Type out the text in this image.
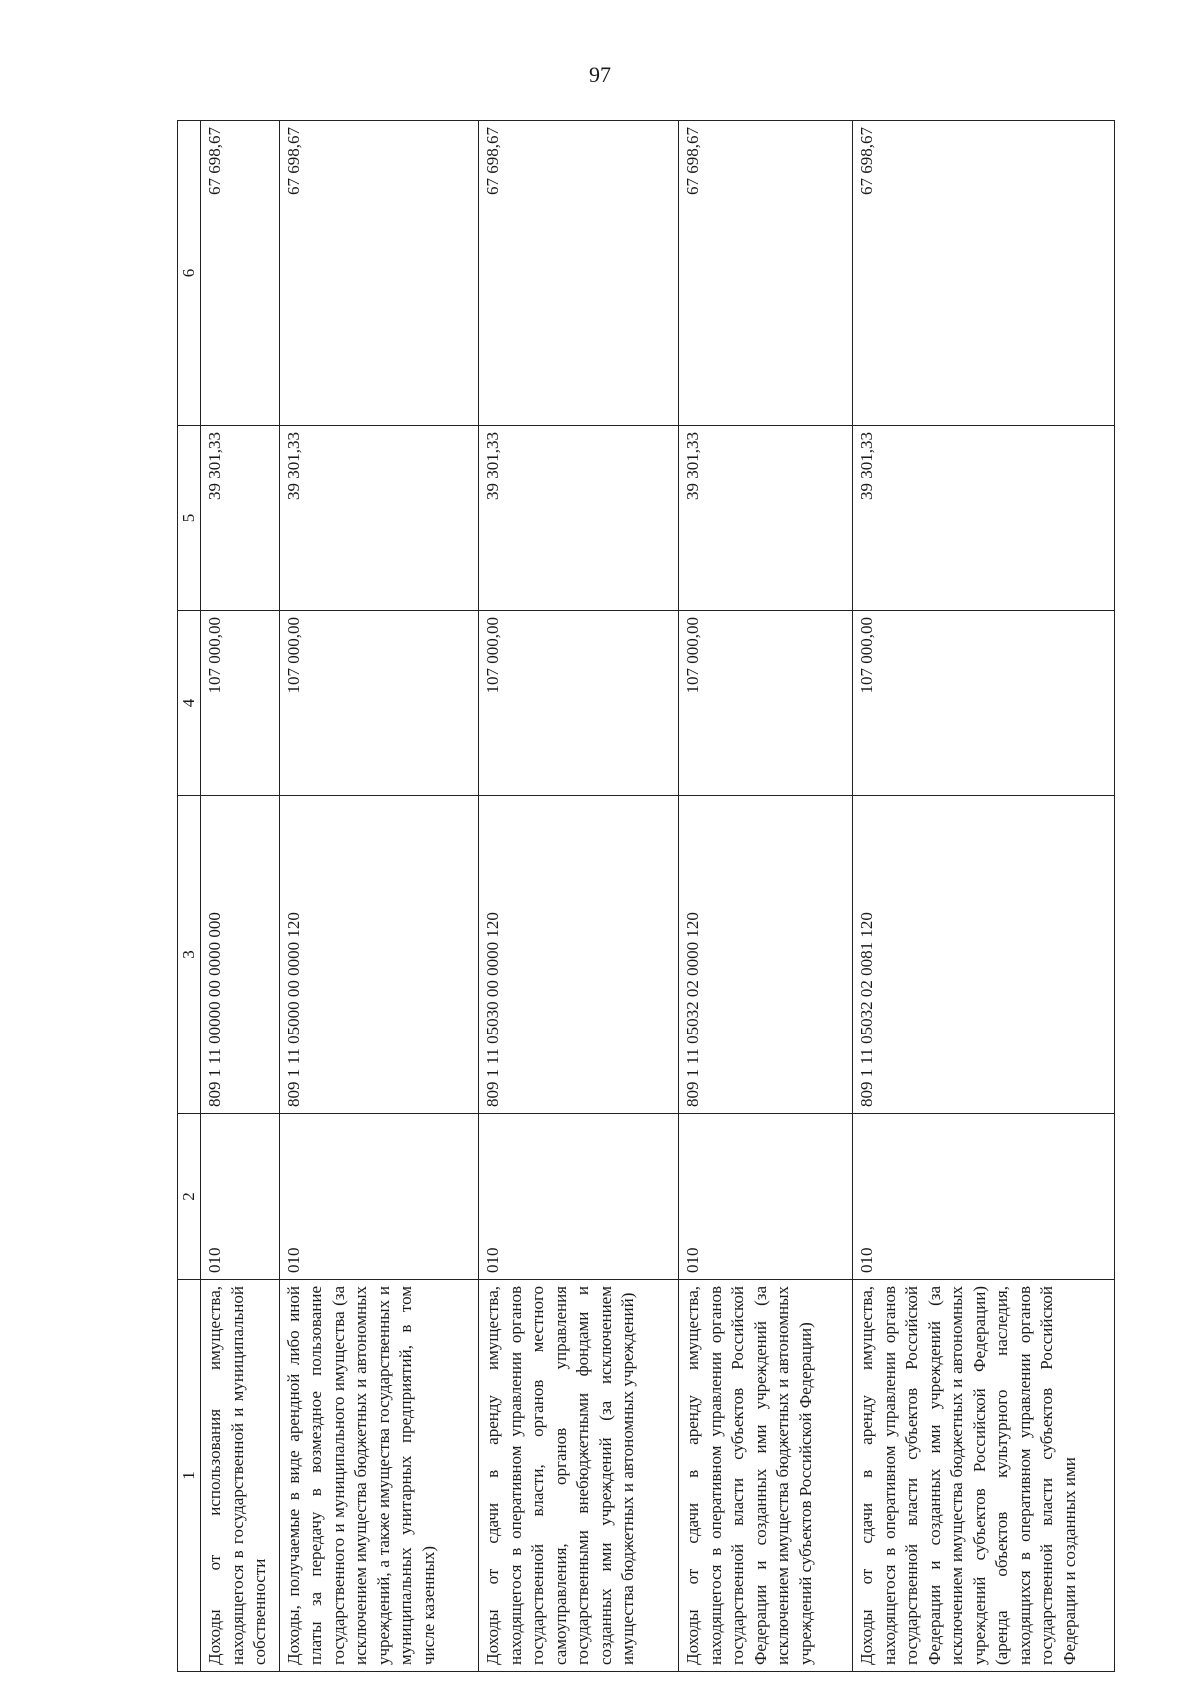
97
1	2	3	4	5	6
Доходы от использования имущества, находящегося в государственной и муниципальной собственности	010	809 1 11 00000 00 0000 000	107 000,00	39 301,33	67 698,67
Доходы, получаемые в виде арендной либо иной платы за передачу в возмездное пользование государственного и муниципального имущества (за исключением имущества бюджетных и автономных учреждений, а также имущества государственных и муниципальных унитарных предприятий, в том числе казенных)	010	809 1 11 05000 00 0000 120	107 000,00	39 301,33	67 698,67
Доходы от сдачи в аренду имущества, находящегося в оперативном управлении органов государственной власти, органов местного самоуправления, органов управления государственными внебюджетными фондами и созданных ими учреждений (за исключением имущества бюджетных и автономных учреждений)	010	809 1 11 05030 00 0000 120	107 000,00	39 301,33	67 698,67
Доходы от сдачи в аренду имущества, находящегося в оперативном управлении органов государственной власти субъектов Российской Федерации и созданных ими учреждений (за исключением имущества бюджетных и автономных учреждений субъектов Российской Федерации)	010	809 1 11 05032 02 0000 120	107 000,00	39 301,33	67 698,67
Доходы от сдачи в аренду имущества, находящегося в оперативном управлении органов государственной власти субъектов Российской Федерации и созданных ими учреждений (за исключением имущества бюджетных и автономных учреждений субъектов Российской Федерации) (аренда объектов культурного наследия, находящихся в оперативном управлении органов государственной власти субъектов Российской Федерации и созданных ими	010	809 1 11 05032 02 0081 120	107 000,00	39 301,33	67 698,67
